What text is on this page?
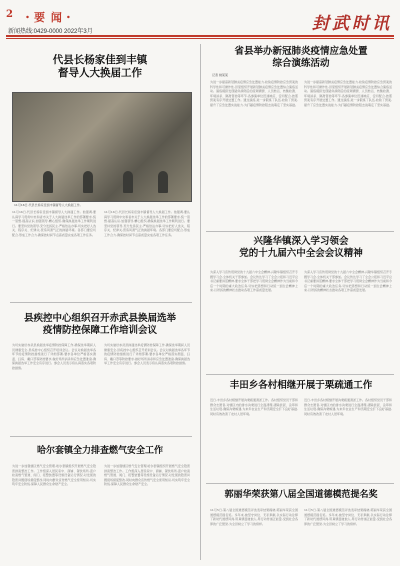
2 ・要 闻・
新闻热线:0429-0000 2022年3月	封武时讯
代县长杨家佳到丰镇
督导人大换届工作
11月16日,代县长杨家佳到丰镇督导人大换届工作。
11月16日,代县长杨家佳到丰镇督导人大换届工作。他强调,要认真学习贯彻中央和省市关于人大换届选举工作的部署要求,统一思想,提高认识,加强领导,精心组织,确保换届选举工作顺利进行。要坚持党的领导,充分发扬民主,严格依法办事,切实把好人选关、程序关、纪律关,营造风清气正的换届环境。各部门要密切配合,形成工作合力,确保按时间节点高质量完成各项工作任务。
11月16日,代县长杨家佳到丰镇督导人大换届工作。他强调,要认真学习贯彻中央和省市关于人大换届选举工作的部署要求,统一思想,提高认识,加强领导,精心组织,确保换届选举工作顺利进行。要坚持党的领导,充分发扬民主,严格依法办事,切实把好人选关、程序关、纪律关,营造风清气正的换届环境。各部门要密切配合,形成工作合力,确保按时间节点高质量完成各项工作任务。
县疾控中心组织召开赤武县换届选举
疫情防控保障工作培训会议
为切实做好赤武县换届选举疫情防控保障工作,确保选举期间人员健康安全,县疾控中心组织召开培训会议。会议对换届选举各环节的疫情防控措施进行了详细部署,要求各单位严格落实测温、扫码、戴口罩等防控要求,做好场所消杀和应急处置准备,确保换届选举工作安全有序进行。参会人员表示将认真落实各项防控措施。
为切实做好赤武县换届选举疫情防控保障工作,确保选举期间人员健康安全,县疾控中心组织召开培训会议。会议对换届选举各环节的疫情防控措施进行了详细部署,要求各单位严格落实测温、扫码、戴口罩等防控要求,做好场所消杀和应急处置准备,确保换届选举工作安全有序进行。参会人员表示将认真落实各项防控措施。
哈尔套镇全力排查燃气安全工作
为进一步加强辖区燃气安全管理,哈尔套镇组织开展燃气安全隐患排查整治工作。工作组深入居民家中、商铺、餐饮场所,逐户检查燃气管道、阀门、报警装置等设施设备运行情况,对发现的隐患问题现场督促整改,同时向群众宣传燃气安全使用知识,切实筑牢安全防线,保障人民群众生命财产安全。
为进一步加强辖区燃气安全管理,哈尔套镇组织开展燃气安全隐患排查整治工作。工作组深入居民家中、商铺、餐饮场所,逐户检查燃气管道、阀门、报警装置等设施设备运行情况,对发现的隐患问题现场督促整改,同时向群众宣传燃气安全使用知识,切实筑牢安全防线,保障人民群众生命财产安全。
省县举办新冠肺炎疫情应急处置
综合演练活动
记者 姚某某
为进一步提高新冠肺炎疫情应急处置能力,检验疫情防控应急预案的科学性和可操作性,县里组织开展新冠肺炎疫情应急处置综合演练活动。演练模拟发现疑似病例后的流调溯源、人员转运、核酸检测、环境消杀、隔离管控等环节,各参演单位迅速响应、密切配合,按照预案有序开展处置工作。通过演练,进一步锻炼了队伍,检验了预案,提升了应急处置实战能力,为打赢疫情防控阻击战奠定了坚实基础。
为进一步提高新冠肺炎疫情应急处置能力,检验疫情防控应急预案的科学性和可操作性,县里组织开展新冠肺炎疫情应急处置综合演练活动。演练模拟发现疑似病例后的流调溯源、人员转运、核酸检测、环境消杀、隔离管控等环节,各参演单位迅速响应、密切配合,按照预案有序开展处置工作。通过演练,进一步锻炼了队伍,检验了预案,提升了应急处置实战能力,为打赢疫情防控阻击战奠定了坚实基础。
兴隆华镇深入学习领会
党的十九届六中全会会议精神
为深入学习宣传贯彻党的十九届六中全会精神,兴隆华镇组织召开专题学习会,全体机关干部参加。会议传达学习了全会公报和习近平总书记重要讲话精神,要求全体干部把学习贯彻全会精神作为当前和今后一个时期的重大政治任务,切实把思想和行动统一到全会精神上来,以昂扬的精神状态推动各项工作高质量发展。
为深入学习宣传贯彻党的十九届六中全会精神,兴隆华镇组织召开专题学习会,全体机关干部参加。会议传达学习了全会公报和习近平总书记重要讲话精神,要求全体干部把学习贯彻全会精神作为当前和今后一个时期的重大政治任务,切实把思想和行动统一到全会精神上来,以昂扬的精神状态推动各项工作高质量发展。
丰田乡各村相继开展于栗疏通工作
近日,丰田乡各村相继开展沟渠疏通清淤工作。各村组织党员干部和群众志愿者,对辖区内的排水沟渠进行全面清理,清除淤泥、杂草和生活垃圾,确保沟渠畅通,为来年农业生产和汛期安全打下良好基础,同时有效改善了农村人居环境。
近日,丰田乡各村相继开展沟渠疏通清淤工作。各村组织党员干部和群众志愿者,对辖区内的排水沟渠进行全面清理,清除淤泥、杂草和生活垃圾,确保沟渠畅通,为来年农业生产和汛期安全打下良好基础,同时有效改善了农村人居环境。
郭丽华荣获第八届全国道德模范提名奖
11月5日,第八届全国道德模范评选表彰结果揭晓,郭丽华荣获全国道德模范提名奖。多年来,她坚守岗位、无私奉献,以实际行动诠释了新时代道德风尚,用真情温暖他人,用行动传递正能量,受到社会各界的广泛赞誉,为全县树立了学习的榜样。
11月5日,第八届全国道德模范评选表彰结果揭晓,郭丽华荣获全国道德模范提名奖。多年来,她坚守岗位、无私奉献,以实际行动诠释了新时代道德风尚,用真情温暖他人,用行动传递正能量,受到社会各界的广泛赞誉,为全县树立了学习的榜样。
